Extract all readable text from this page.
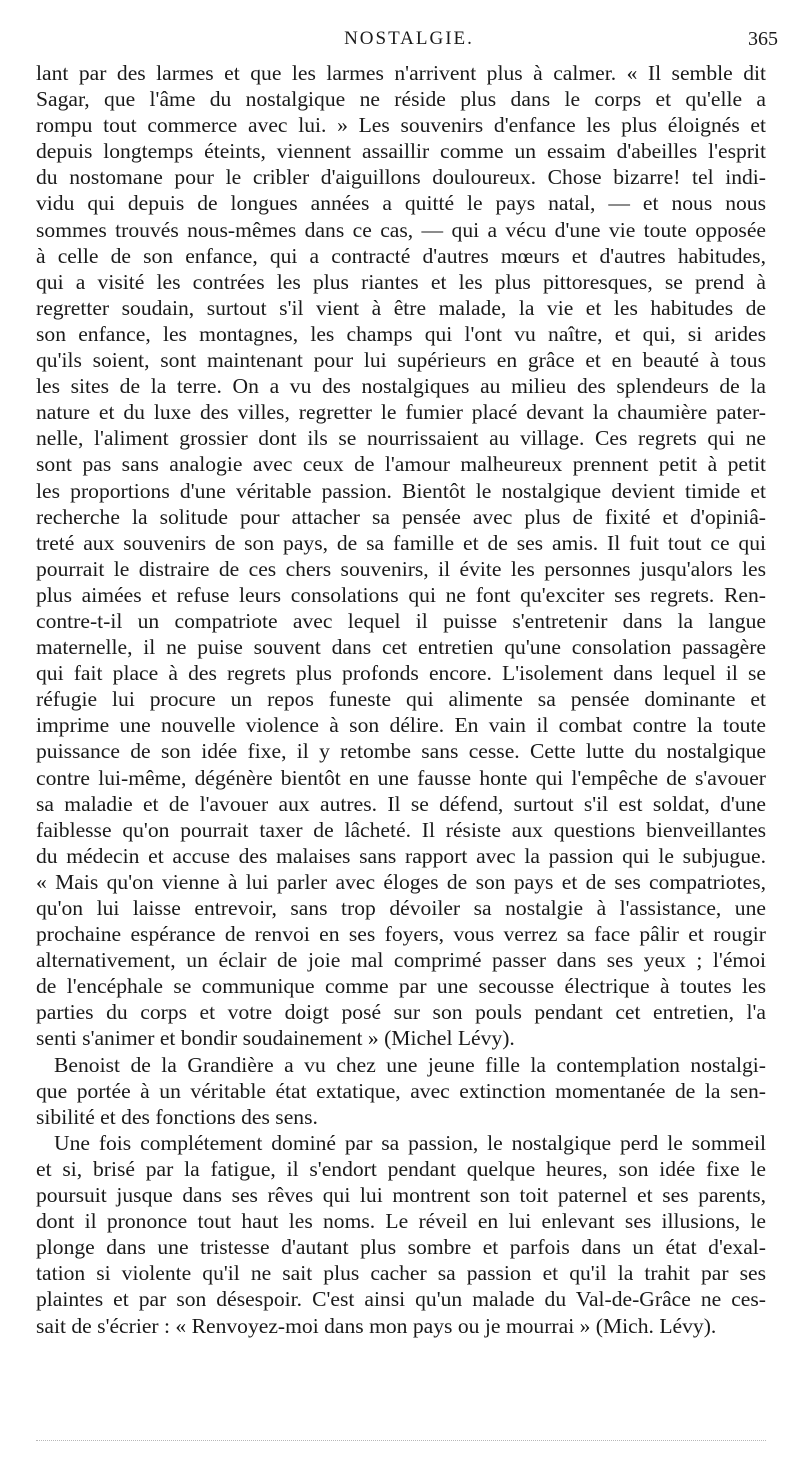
NOSTALGIE.	365
lant par des larmes et que les larmes n'arrivent plus à calmer. « Il semble dit
Sagar, que l'âme du nostalgique ne réside plus dans le corps et qu'elle a
rompu tout commerce avec lui. » Les souvenirs d'enfance les plus éloignés et
depuis longtemps éteints, viennent assaillir comme un essaim d'abeilles l'esprit
du nostomane pour le cribler d'aiguillons douloureux. Chose bizarre! tel indi-
vidu qui depuis de longues années a quitté le pays natal, — et nous nous
sommes trouvés nous-mêmes dans ce cas, — qui a vécu d'une vie toute opposée
à celle de son enfance, qui a contracté d'autres mœurs et d'autres habitudes,
qui a visité les contrées les plus riantes et les plus pittoresques, se prend à
regretter soudain, surtout s'il vient à être malade, la vie et les habitudes de
son enfance, les montagnes, les champs qui l'ont vu naître, et qui, si arides
qu'ils soient, sont maintenant pour lui supérieurs en grâce et en beauté à tous
les sites de la terre. On a vu des nostalgiques au milieu des splendeurs de la
nature et du luxe des villes, regretter le fumier placé devant la chaumière pater-
nelle, l'aliment grossier dont ils se nourrissaient au village. Ces regrets qui ne
sont pas sans analogie avec ceux de l'amour malheureux prennent petit à petit
les proportions d'une véritable passion. Bientôt le nostalgique devient timide et
recherche la solitude pour attacher sa pensée avec plus de fixité et d'opiniâ-
treté aux souvenirs de son pays, de sa famille et de ses amis. Il fuit tout ce qui
pourrait le distraire de ces chers souvenirs, il évite les personnes jusqu'alors les
plus aimées et refuse leurs consolations qui ne font qu'exciter ses regrets. Ren-
contre-t-il un compatriote avec lequel il puisse s'entretenir dans la langue
maternelle, il ne puise souvent dans cet entretien qu'une consolation passagère
qui fait place à des regrets plus profonds encore. L'isolement dans lequel il se
réfugie lui procure un repos funeste qui alimente sa pensée dominante et
imprime une nouvelle violence à son délire. En vain il combat contre la toute
puissance de son idée fixe, il y retombe sans cesse. Cette lutte du nostalgique
contre lui-même, dégénère bientôt en une fausse honte qui l'empêche de s'avouer
sa maladie et de l'avouer aux autres. Il se défend, surtout s'il est soldat, d'une
faiblesse qu'on pourrait taxer de lâcheté. Il résiste aux questions bienveillantes
du médecin et accuse des malaises sans rapport avec la passion qui le subjugue.
« Mais qu'on vienne à lui parler avec éloges de son pays et de ses compatriotes,
qu'on lui laisse entrevoir, sans trop dévoiler sa nostalgie à l'assistance, une
prochaine espérance de renvoi en ses foyers, vous verrez sa face pâlir et rougir
alternativement, un éclair de joie mal comprimé passer dans ses yeux ; l'émoi
de l'encéphale se communique comme par une secousse électrique à toutes les
parties du corps et votre doigt posé sur son pouls pendant cet entretien, l'a
senti s'animer et bondir soudainement » (Michel Lévy).
Benoist de la Grandière a vu chez une jeune fille la contemplation nostalgi-
que portée à un véritable état extatique, avec extinction momentanée de la sen-
sibilité et des fonctions des sens.
Une fois complétement dominé par sa passion, le nostalgique perd le sommeil
et si, brisé par la fatigue, il s'endort pendant quelque heures, son idée fixe le
poursuit jusque dans ses rêves qui lui montrent son toit paternel et ses parents,
dont il prononce tout haut les noms. Le réveil en lui enlevant ses illusions, le
plonge dans une tristesse d'autant plus sombre et parfois dans un état d'exal-
tation si violente qu'il ne sait plus cacher sa passion et qu'il la trahit par ses
plaintes et par son désespoir. C'est ainsi qu'un malade du Val-de-Grâce ne ces-
sait de s'écrier : « Renvoyez-moi dans mon pays ou je mourrai » (Mich. Lévy).
